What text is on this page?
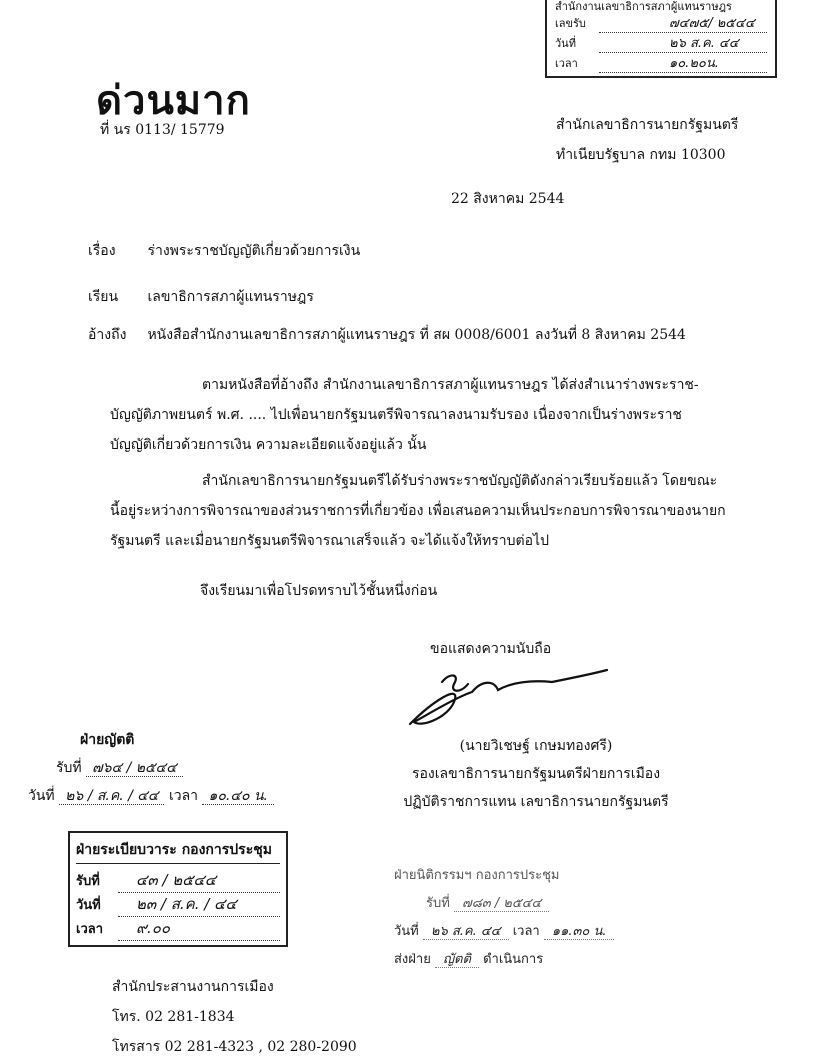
สำนักงานเลขาธิการสภาผู้แทนราษฎร
เลขรับ	๗๔๗๕/ ๒๕๔๔
วันที่	๒๖ ส.ค. ๔๔
เวลา	๑๐.๒๐น.
ด่วนมาก
ที่ นร 0113/ 15779	สำนักเลขาธิการนายกรัฐมนตรี
ทำเนียบรัฐบาล กทม 10300
22 สิงหาคม 2544
เรื่อง ร่างพระราชบัญญัติเกี่ยวด้วยการเงิน
เรียน เลขาธิการสภาผู้แทนราษฎร
อ้างถึง หนังสือสำนักงานเลขาธิการสภาผู้แทนราษฎร ที่ สผ 0008/6001 ลงวันที่ 8 สิงหาคม 2544

ตามหนังสือที่อ้างถึง สำนักงานเลขาธิการสภาผู้แทนราษฎร ได้ส่งสำเนาร่างพระราช-

บัญญัติภาพยนตร์ พ.ศ. .... ไปเพื่อนายกรัฐมนตรีพิจารณาลงนามรับรอง เนื่องจากเป็นร่างพระราช

บัญญัติเกี่ยวด้วยการเงิน ความละเอียดแจ้งอยู่แล้ว นั้น

สำนักเลขาธิการนายกรัฐมนตรีได้รับร่างพระราชบัญญัติดังกล่าวเรียบร้อยแล้ว โดยขณะ

นี้อยู่ระหว่างการพิจารณาของส่วนราชการที่เกี่ยวข้อง เพื่อเสนอความเห็นประกอบการพิจารณาของนายก

รัฐมนตรี และเมื่อนายกรัฐมนตรีพิจารณาเสร็จแล้ว จะได้แจ้งให้ทราบต่อไป

จึงเรียนมาเพื่อโปรดทราบไว้ชั้นหนึ่งก่อน
ขอแสดงความนับถือ
(นายวิเชษฐ์ เกษมทองศรี)
รองเลขาธิการนายกรัฐมนตรีฝ่ายการเมือง
ปฏิบัติราชการแทน เลขาธิการนายกรัฐมนตรี
ฝ่ายญัตติ
รับที่ ๗๖๔ / ๒๕๔๔
วันที่ ๒๖ / ส.ค. / ๔๔ เวลา ๑๐.๔๐ น.
ฝ่ายระเบียบวาระ กองการประชุม
รับที่	๔๓ / ๒๕๔๔
วันที่	๒๓ / ส.ค. / ๔๔
เวลา	๙.๐๐
ฝ่ายนิติกรรมฯ กองการประชุม
รับที่ ๗๘๓ / ๒๕๔๔
วันที่ ๒๖ ส.ค. ๔๔ เวลา ๑๑.๓๐ น.
ส่งฝ่าย ญัตติ ดำเนินการ
สำนักประสานงานการเมือง
โทร. 02 281-1834
โทรสาร 02 281-4323 , 02 280-2090
